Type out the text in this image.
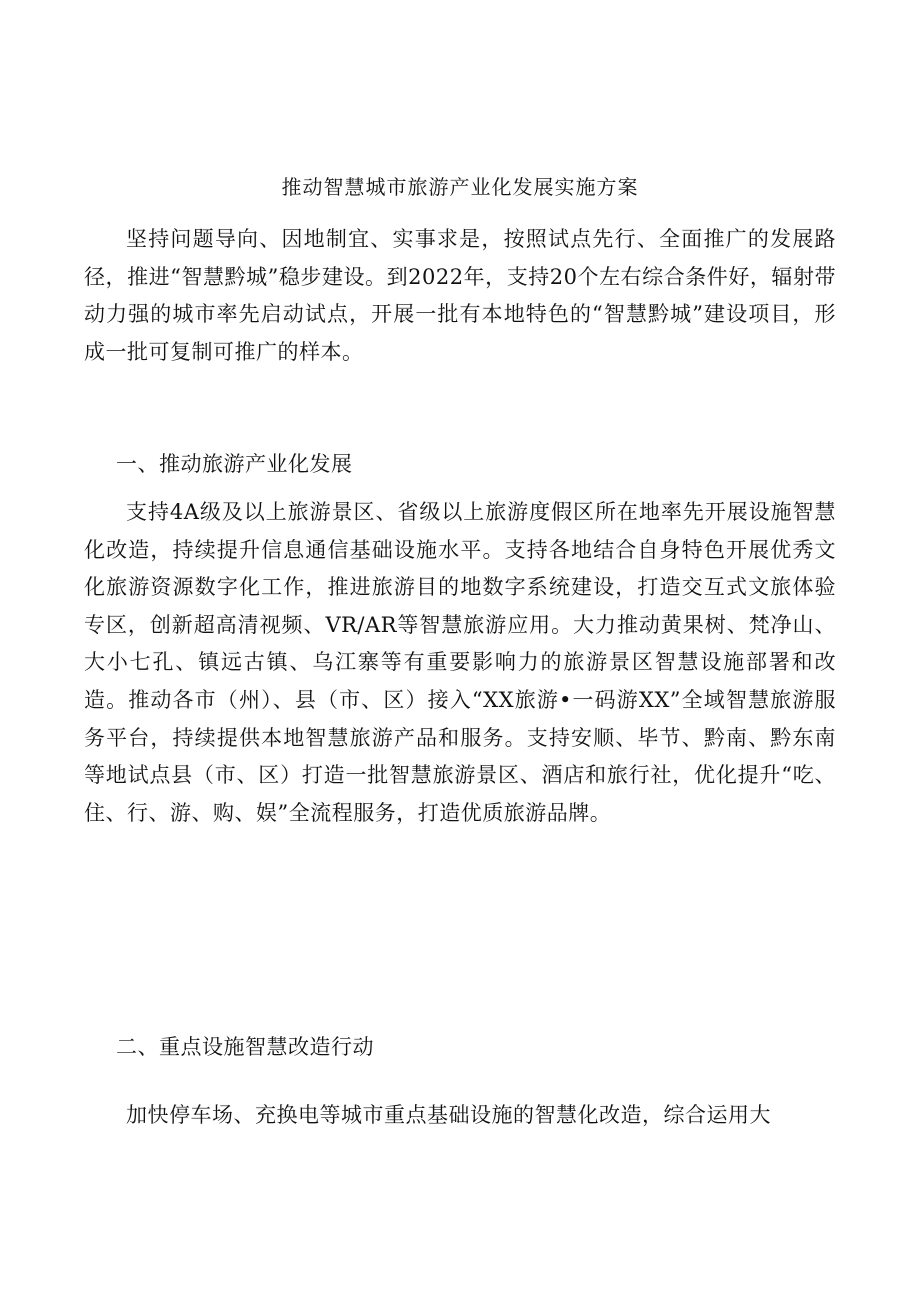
推动智慧城市旅游产业化发展实施方案

坚持问题导向、因地制宜、实事求是，按照试点先行、全面推广的发展路径，推进“智慧黔城”稳步建设。到2022年，支持20个左右综合条件好，辐射带动力强的城市率先启动试点，开展一批有本地特色的“智慧黔城”建设项目，形成一批可复制可推广的样本。

一、推动旅游产业化发展

支持4A级及以上旅游景区、省级以上旅游度假区所在地率先开展设施智慧化改造，持续提升信息通信基础设施水平。支持各地结合自身特色开展优秀文化旅游资源数字化工作，推进旅游目的地数字系统建设，打造交互式文旅体验专区，创新超高清视频、VR/AR等智慧旅游应用。大力推动黄果树、梵净山、大小七孔、镇远古镇、乌江寨等有重要影响力的旅游景区智慧设施部署和改造。推动各市（州）、县（市、区）接入“XX旅游•一码游XX”全域智慧旅游服务平台，持续提供本地智慧旅游产品和服务。支持安顺、毕节、黔南、黔东南等地试点县（市、区）打造一批智慧旅游景区、酒店和旅行社，优化提升“吃、住、行、游、购、娱”全流程服务，打造优质旅游品牌。

二、重点设施智慧改造行动

加快停车场、充换电等城市重点基础设施的智慧化改造，综合运用大
